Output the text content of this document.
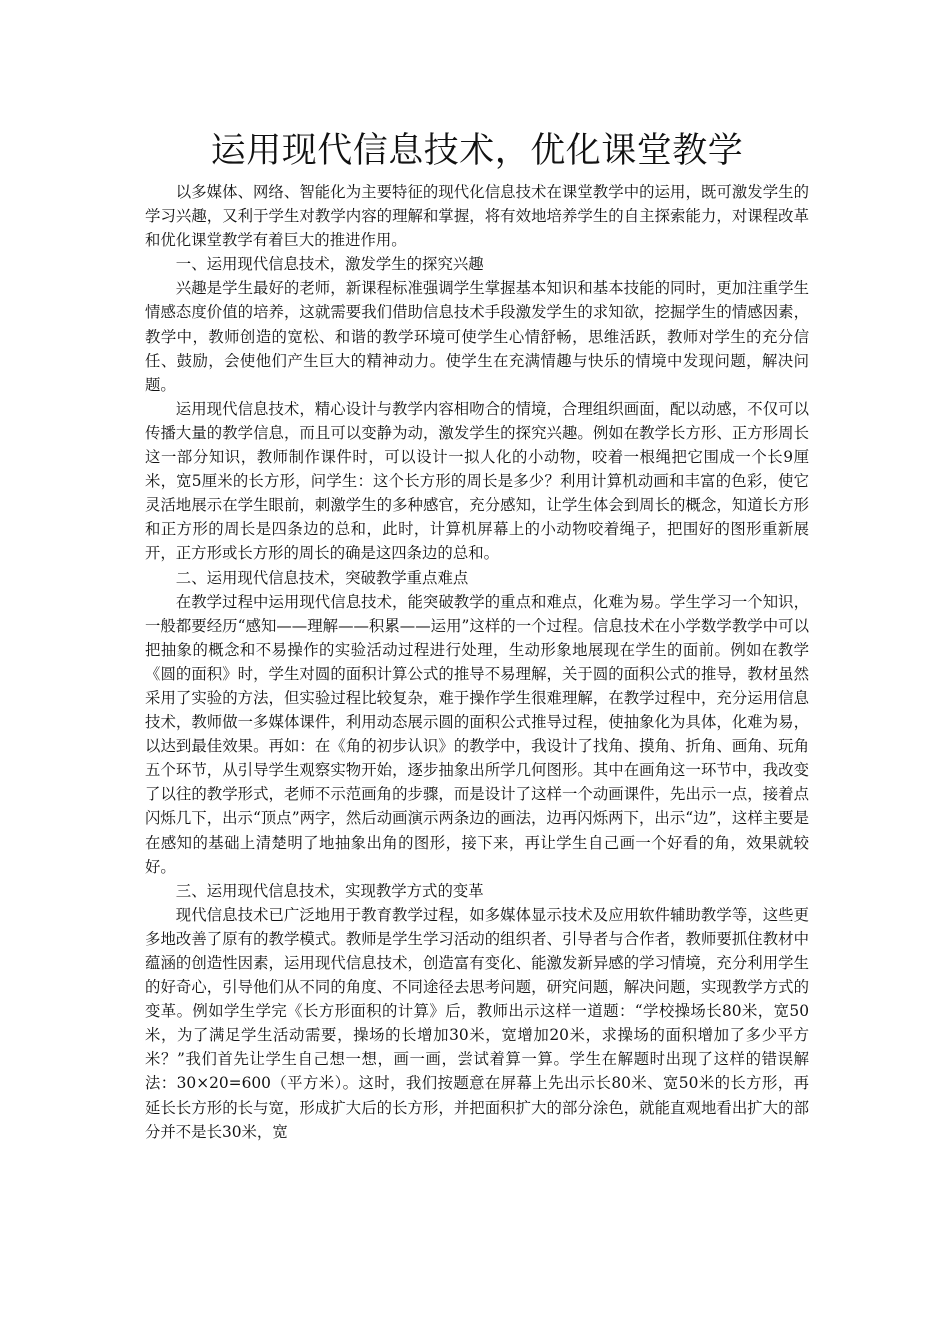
运用现代信息技术，优化课堂教学

以多媒体、网络、智能化为主要特征的现代化信息技术在课堂教学中的运用，既可激发学生的学习兴趣，又利于学生对教学内容的理解和掌握，将有效地培养学生的自主探索能力，对课程改革和优化课堂教学有着巨大的推进作用。

一、运用现代信息技术，激发学生的探究兴趣

兴趣是学生最好的老师，新课程标准强调学生掌握基本知识和基本技能的同时，更加注重学生情感态度价值的培养，这就需要我们借助信息技术手段激发学生的求知欲，挖掘学生的情感因素，教学中，教师创造的宽松、和谐的教学环境可使学生心情舒畅，思维活跃，教师对学生的充分信任、鼓励，会使他们产生巨大的精神动力。使学生在充满情趣与快乐的情境中发现问题，解决问题。

运用现代信息技术，精心设计与教学内容相吻合的情境，合理组织画面，配以动感，不仅可以传播大量的教学信息，而且可以变静为动，激发学生的探究兴趣。例如在教学长方形、正方形周长这一部分知识，教师制作课件时，可以设计一拟人化的小动物，咬着一根绳把它围成一个长9厘米，宽5厘米的长方形，问学生：这个长方形的周长是多少？利用计算机动画和丰富的色彩，使它灵活地展示在学生眼前，刺激学生的多种感官，充分感知，让学生体会到周长的概念，知道长方形和正方形的周长是四条边的总和，此时，计算机屏幕上的小动物咬着绳子，把围好的图形重新展开，正方形或长方形的周长的确是这四条边的总和。

二、运用现代信息技术，突破教学重点难点

在教学过程中运用现代信息技术，能突破教学的重点和难点，化难为易。学生学习一个知识，一般都要经历“感知——理解——积累——运用”这样的一个过程。信息技术在小学数学教学中可以把抽象的概念和不易操作的实验活动过程进行处理，生动形象地展现在学生的面前。例如在教学《圆的面积》时，学生对圆的面积计算公式的推导不易理解，关于圆的面积公式的推导，教材虽然采用了实验的方法，但实验过程比较复杂，难于操作学生很难理解，在教学过程中，充分运用信息技术，教师做一多媒体课件，利用动态展示圆的面积公式推导过程，使抽象化为具体，化难为易，以达到最佳效果。再如：在《角的初步认识》的教学中，我设计了找角、摸角、折角、画角、玩角五个环节，从引导学生观察实物开始，逐步抽象出所学几何图形。其中在画角这一环节中，我改变了以往的教学形式，老师不示范画角的步骤，而是设计了这样一个动画课件，先出示一点，接着点闪烁几下，出示“顶点”两字，然后动画演示两条边的画法，边再闪烁两下，出示“边”，这样主要是在感知的基础上清楚明了地抽象出角的图形，接下来，再让学生自己画一个好看的角，效果就较好。

三、运用现代信息技术，实现教学方式的变革

现代信息技术已广泛地用于教育教学过程，如多媒体显示技术及应用软件辅助教学等，这些更多地改善了原有的教学模式。教师是学生学习活动的组织者、引导者与合作者，教师要抓住教材中蕴涵的创造性因素，运用现代信息技术，创造富有变化、能激发新异感的学习情境，充分利用学生的好奇心，引导他们从不同的角度、不同途径去思考问题，研究问题，解决问题，实现教学方式的变革。例如学生学完《长方形面积的计算》后，教师出示这样一道题：“学校操场长80米，宽50米，为了满足学生活动需要，操场的长增加30米，宽增加20米，求操场的面积增加了多少平方米？”我们首先让学生自己想一想，画一画，尝试着算一算。学生在解题时出现了这样的错误解法：30×20=600（平方米）。这时，我们按题意在屏幕上先出示长80米、宽50米的长方形，再延长长方形的长与宽，形成扩大后的长方形，并把面积扩大的部分涂色，就能直观地看出扩大的部分并不是长30米，宽
